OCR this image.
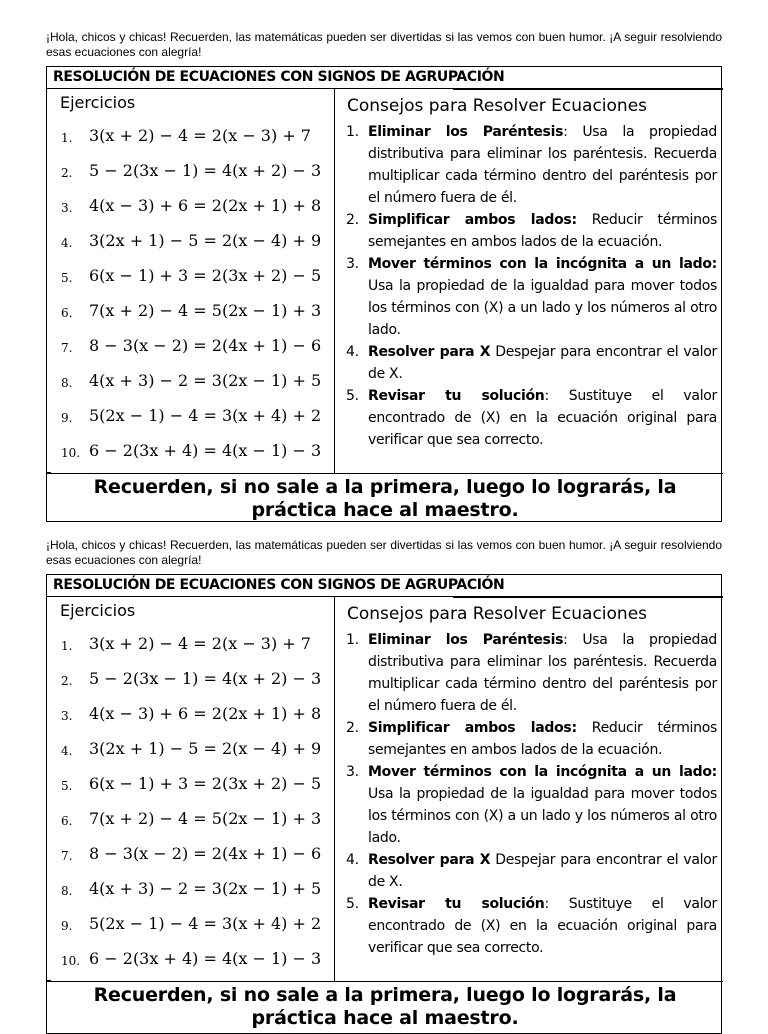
¡Hola, chicos y chicas! Recuerden, las matemáticas pueden ser divertidas si las vemos con buen humor. ¡A seguir resolviendo esas ecuaciones con alegría!
RESOLUCIÓN DE ECUACIONES CON SIGNOS DE AGRUPACIÓN
Ejercicios
1.	3(x + 2) − 4 = 2(x − 3) + 7
2.	5 − 2(3x − 1) = 4(x + 2) − 3
3.	4(x − 3) + 6 = 2(2x + 1) + 8
4.	3(2x + 1) − 5 = 2(x − 4) + 9
5.	6(x − 1) + 3 = 2(3x + 2) − 5
6.	7(x + 2) − 4 = 5(2x − 1) + 3
7.	8 − 3(x − 2) = 2(4x + 1) − 6
8.	4(x + 3) − 2 = 3(2x − 1) + 5
9.	5(2x − 1) − 4 = 3(x + 4) + 2
10. 6 − 2(3x + 4) = 4(x − 1) − 3
Consejos para Resolver Ecuaciones
1. Eliminar los Paréntesis: Usa la propiedad distributiva para eliminar los paréntesis. Recuerda multiplicar cada término dentro del paréntesis por el número fuera de él.
2. Simplificar ambos lados: Reducir términos semejantes en ambos lados de la ecuación.
3. Mover términos con la incógnita a un lado: Usa la propiedad de la igualdad para mover todos los términos con (X) a un lado y los números al otro lado.
4. Resolver para X Despejar para encontrar el valor de X.
5. Revisar tu solución: Sustituye el valor encontrado de (X) en la ecuación original para verificar que sea correcto.
Recuerden, si no sale a la primera, luego lo lograrás, la práctica hace al maestro.
¡Hola, chicos y chicas! Recuerden, las matemáticas pueden ser divertidas si las vemos con buen humor. ¡A seguir resolviendo esas ecuaciones con alegría!
RESOLUCIÓN DE ECUACIONES CON SIGNOS DE AGRUPACIÓN
Ejercicios
1.	3(x + 2) − 4 = 2(x − 3) + 7
2.	5 − 2(3x − 1) = 4(x + 2) − 3
3.	4(x − 3) + 6 = 2(2x + 1) + 8
4.	3(2x + 1) − 5 = 2(x − 4) + 9
5.	6(x − 1) + 3 = 2(3x + 2) − 5
6.	7(x + 2) − 4 = 5(2x − 1) + 3
7.	8 − 3(x − 2) = 2(4x + 1) − 6
8.	4(x + 3) − 2 = 3(2x − 1) + 5
9.	5(2x − 1) − 4 = 3(x + 4) + 2
10. 6 − 2(3x + 4) = 4(x − 1) − 3
Consejos para Resolver Ecuaciones
1. Eliminar los Paréntesis: Usa la propiedad distributiva para eliminar los paréntesis. Recuerda multiplicar cada término dentro del paréntesis por el número fuera de él.
2. Simplificar ambos lados: Reducir términos semejantes en ambos lados de la ecuación.
3. Mover términos con la incógnita a un lado: Usa la propiedad de la igualdad para mover todos los términos con (X) a un lado y los números al otro lado.
4. Resolver para X Despejar para encontrar el valor de X.
5. Revisar tu solución: Sustituye el valor encontrado de (X) en la ecuación original para verificar que sea correcto.
Recuerden, si no sale a la primera, luego lo lograrás, la práctica hace al maestro.
